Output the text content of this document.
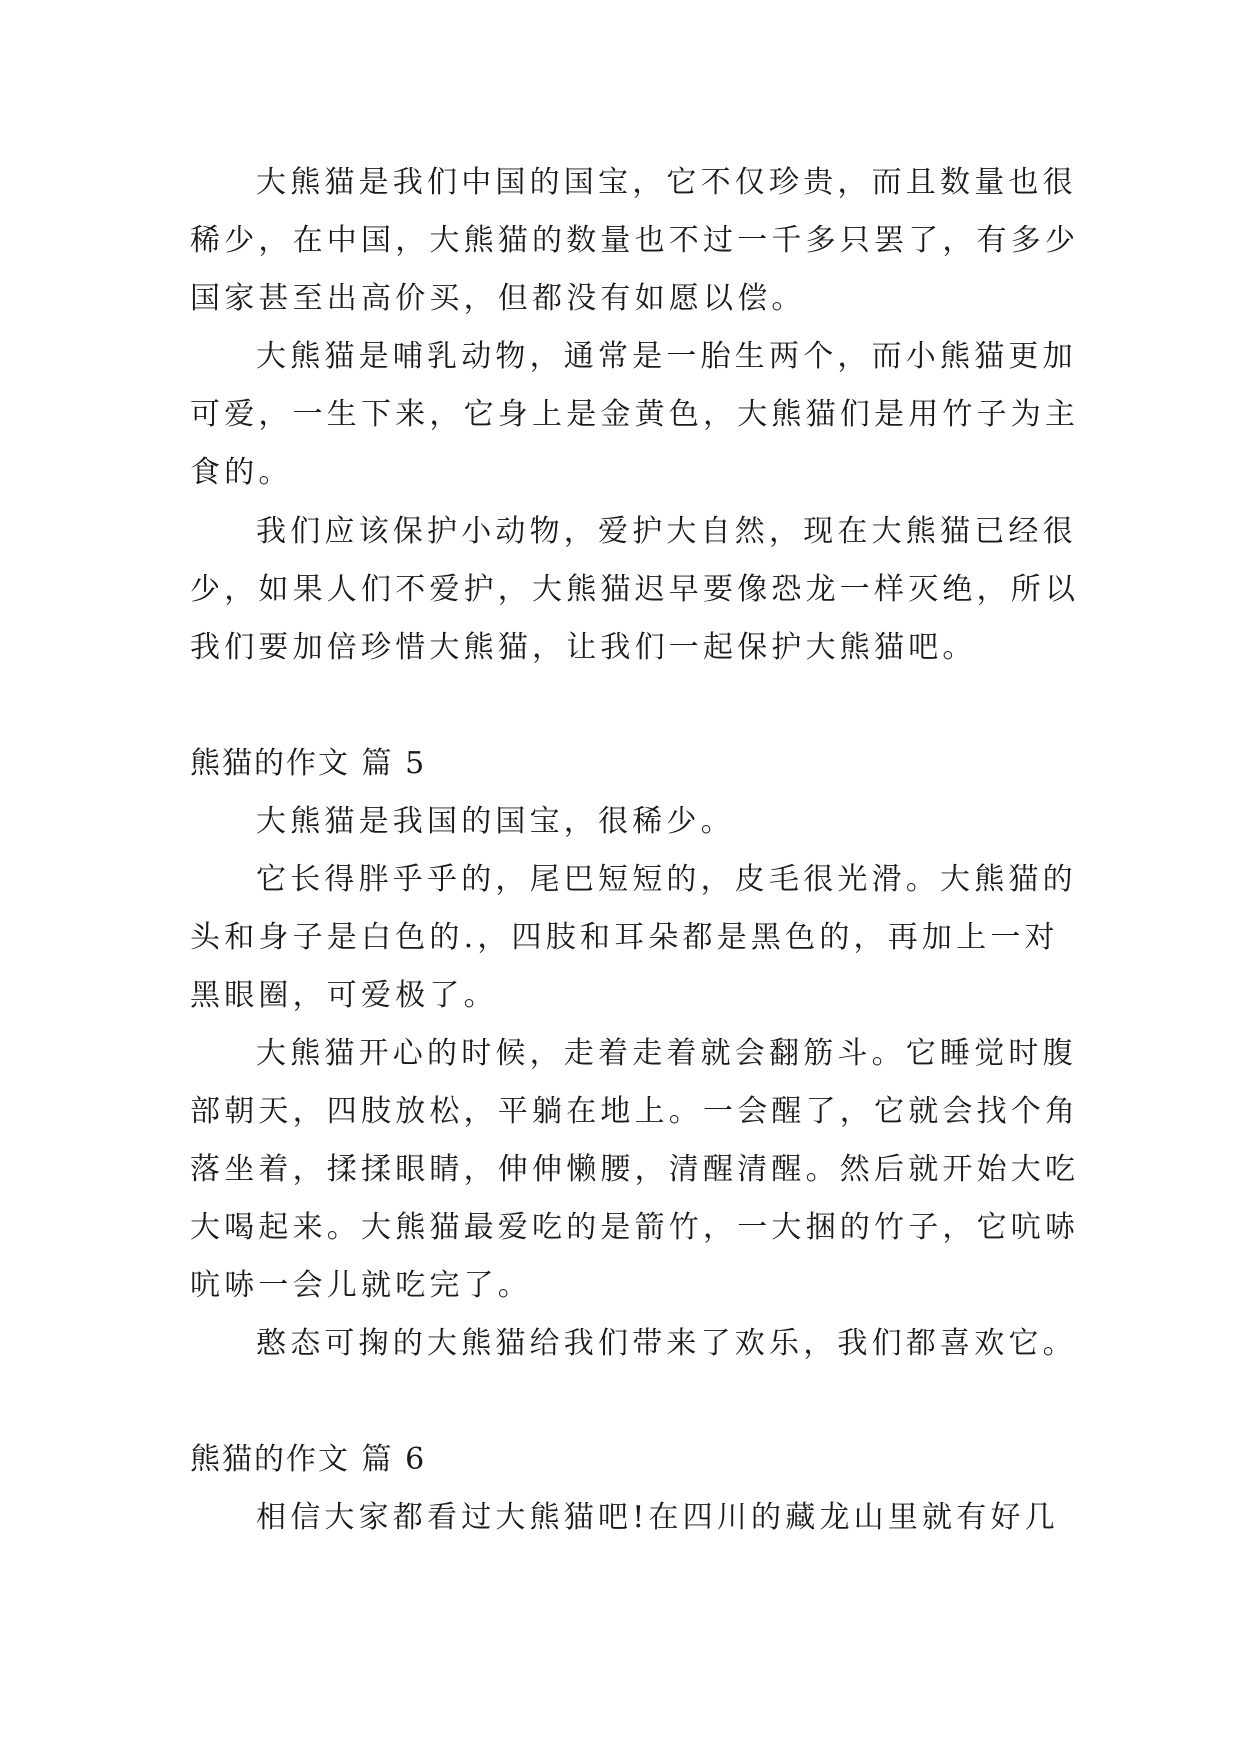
大熊猫是我们中国的国宝，它不仅珍贵，而且数量也很
稀少，在中国，大熊猫的数量也不过一千多只罢了，有多少
国家甚至出高价买，但都没有如愿以偿。
大熊猫是哺乳动物，通常是一胎生两个，而小熊猫更加
可爱，一生下来，它身上是金黄色，大熊猫们是用竹子为主
食的。
我们应该保护小动物，爱护大自然，现在大熊猫已经很
少，如果人们不爱护，大熊猫迟早要像恐龙一样灭绝，所以
我们要加倍珍惜大熊猫，让我们一起保护大熊猫吧。
熊猫的作文 篇 5
大熊猫是我国的国宝，很稀少。
它长得胖乎乎的，尾巴短短的，皮毛很光滑。大熊猫的
头和身子是白色的.，四肢和耳朵都是黑色的，再加上一对
黑眼圈，可爱极了。
大熊猫开心的时候，走着走着就会翻筋斗。它睡觉时腹
部朝天，四肢放松，平躺在地上。一会醒了，它就会找个角
落坐着，揉揉眼睛，伸伸懒腰，清醒清醒。然后就开始大吃
大喝起来。大熊猫最爱吃的是箭竹，一大捆的竹子，它吭哧
吭哧一会儿就吃完了。
憨态可掬的大熊猫给我们带来了欢乐，我们都喜欢它。
熊猫的作文 篇 6
相信大家都看过大熊猫吧!在四川的藏龙山里就有好几
